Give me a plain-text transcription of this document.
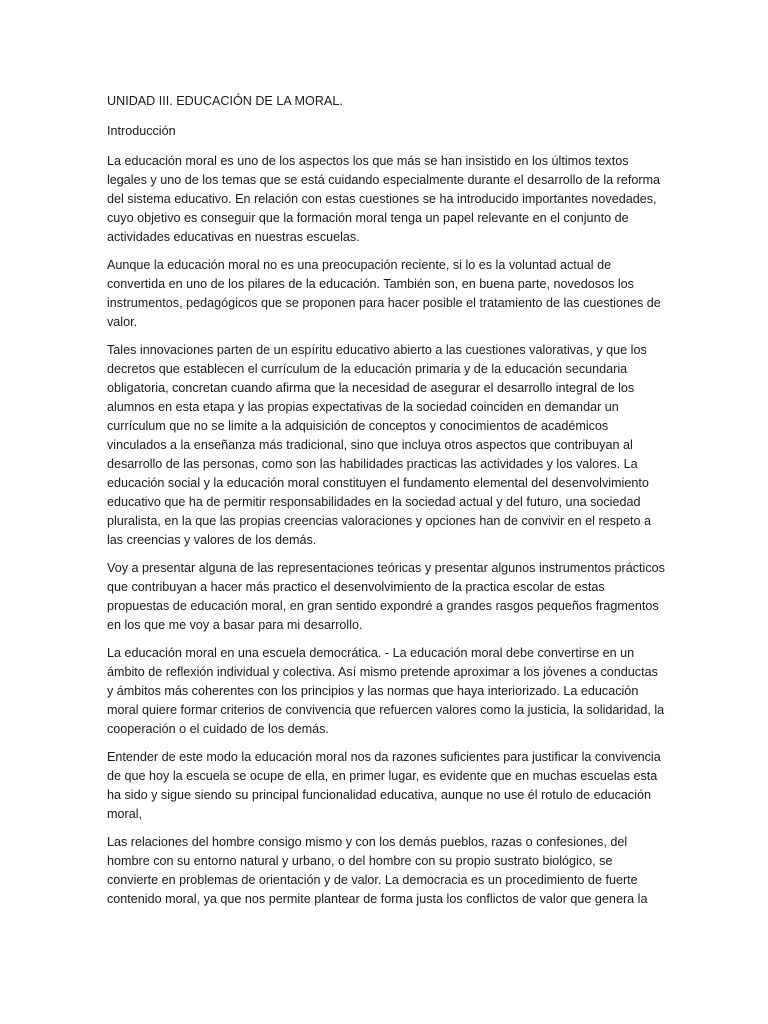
UNIDAD III. EDUCACIÓN DE LA MORAL.

Introducción

La educación moral es uno de los aspectos los que más se han insistido en los últimos textos legales y uno de los temas que se está cuidando especialmente durante el desarrollo de la reforma del sistema educativo. En relación con estas cuestiones se ha introducido importantes novedades, cuyo objetivo es conseguir que la formación moral tenga un papel relevante en el conjunto de actividades educativas en nuestras escuelas.

Aunque la educación moral no es una preocupación reciente, si lo es la voluntad actual de convertida en uno de los pilares de la educación. También son, en buena parte, novedosos los instrumentos, pedagógicos que se proponen para hacer posible el tratamiento de las cuestiones de valor.

Tales innovaciones parten de un espíritu educativo abierto a las cuestiones valorativas, y que los decretos que establecen el currículum de la educación primaria y de la educación secundaria obligatoria, concretan cuando afirma que la necesidad de asegurar el desarrollo integral de los alumnos en esta etapa y las propias expectativas de la sociedad coinciden en demandar un currículum que no se limite a la adquisición de conceptos y conocimientos de académicos vinculados a la enseñanza más tradicional, sino que incluya otros aspectos que contribuyan al desarrollo de las personas, como son las habilidades practicas las actividades y los valores. La educación social y la educación moral constituyen el fundamento elemental del desenvolvimiento educativo que ha de permitir responsabilidades en la sociedad actual y del futuro, una sociedad pluralista, en la que las propias creencias valoraciones y opciones han de convivir en el respeto a las creencias y valores de los demás.

Voy a presentar alguna de las representaciones teóricas y presentar algunos instrumentos prácticos que contribuyan a hacer más practico el desenvolvimiento de la practica escolar de estas propuestas de educación moral, en gran sentido expondré a grandes rasgos pequeños fragmentos en los que me voy a basar para mi desarrollo.

La educación moral en una escuela democrática. - La educación moral debe convertirse en un ámbito de reflexión individual y colectiva. Así mismo pretende aproximar a los jóvenes a conductas y ámbitos más coherentes con los principios y las normas que haya interiorizado. La educación moral quiere formar criterios de convivencia que refuercen valores como la justicia, la solidaridad, la cooperación o el cuidado de los demás.

Entender de este modo la educación moral nos da razones suficientes para justificar la convivencia de que hoy la escuela se ocupe de ella, en primer lugar, es evidente que en muchas escuelas esta ha sido y sigue siendo su principal funcionalidad educativa, aunque no use él rotulo de educación moral,

Las relaciones del hombre consigo mismo y con los demás pueblos, razas o confesiones, del hombre con su entorno natural y urbano, o del hombre con su propio sustrato biológico, se convierte en problemas de orientación y de valor. La democracia es un procedimiento de fuerte contenido moral, ya que nos permite plantear de forma justa los conflictos de valor que genera la
